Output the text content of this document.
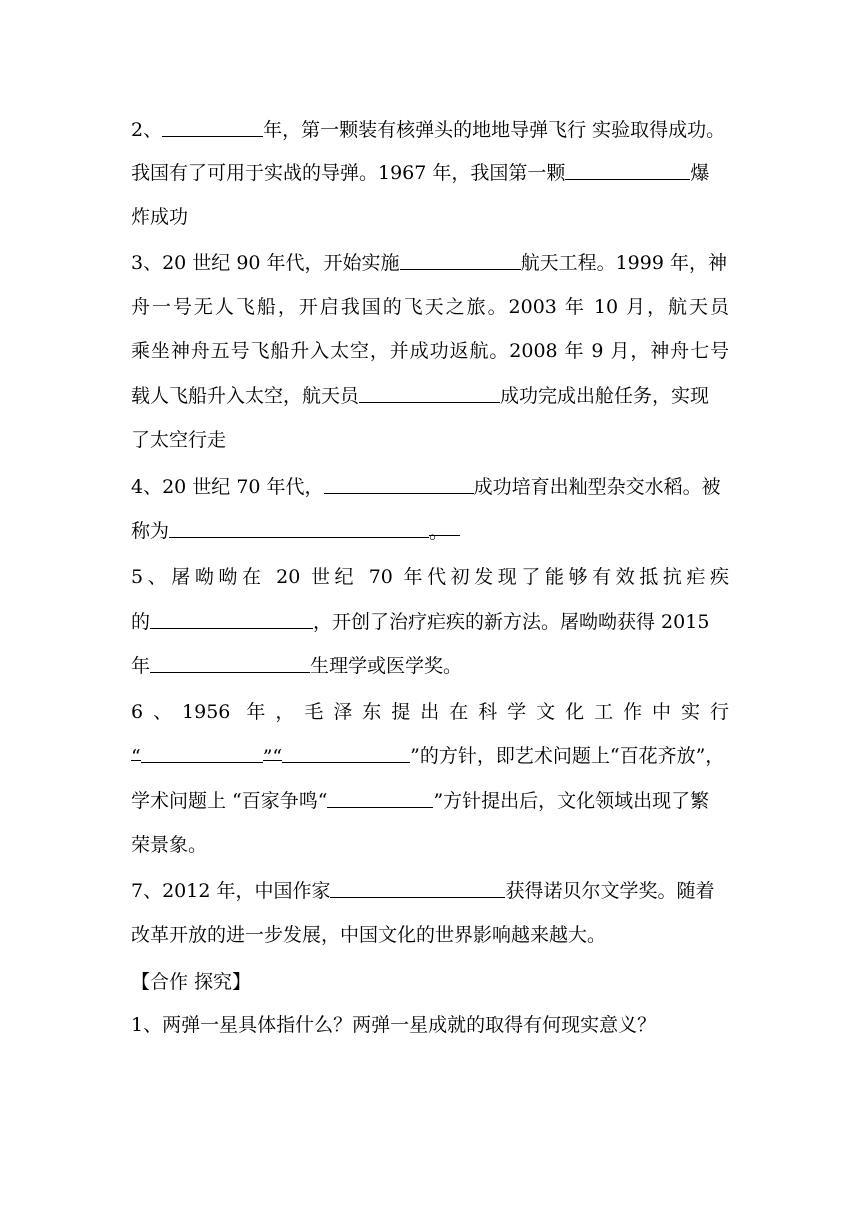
2、	年，第一颗装有核弹头的地地导弹飞行 实验取得成功。
我国有了可用于实战的导弹。1967 年，我国第一颗	爆
炸成功
3、20 世纪 90 年代，开始实施	航天工程。1999 年，神
舟一号无人飞船，开启我国的飞天之旅。2003 年 10 月，航天员
乘坐神舟五号飞船升入太空，并成功返航。2008 年 9 月，神舟七号
载人飞船升入太空，航天员	成功完成出舱任务，实现
了太空行走
4、20 世纪 70 年代，	成功培育出籼型杂交水稻。被
称为	。
5、屠呦呦在 20 世纪 70 年代初发现了能够有效抵抗疟疾
的	，开创了治疗疟疾的新方法。屠呦呦获得 2015
年	生理学或医学奖。
6、1956 年，毛泽东提出在科学文化工作中实行
“	”“	”的方针，即艺术问题上“百花齐放”，
学术问题上 “百家争鸣“	”方针提出后，文化领域出现了繁
荣景象。
7、2012 年，中国作家	获得诺贝尔文学奖。随着
改革开放的进一步发展，中国文化的世界影响越来越大。
【合作 探究】
1、两弹一星具体指什么？两弹一星成就的取得有何现实意义？
